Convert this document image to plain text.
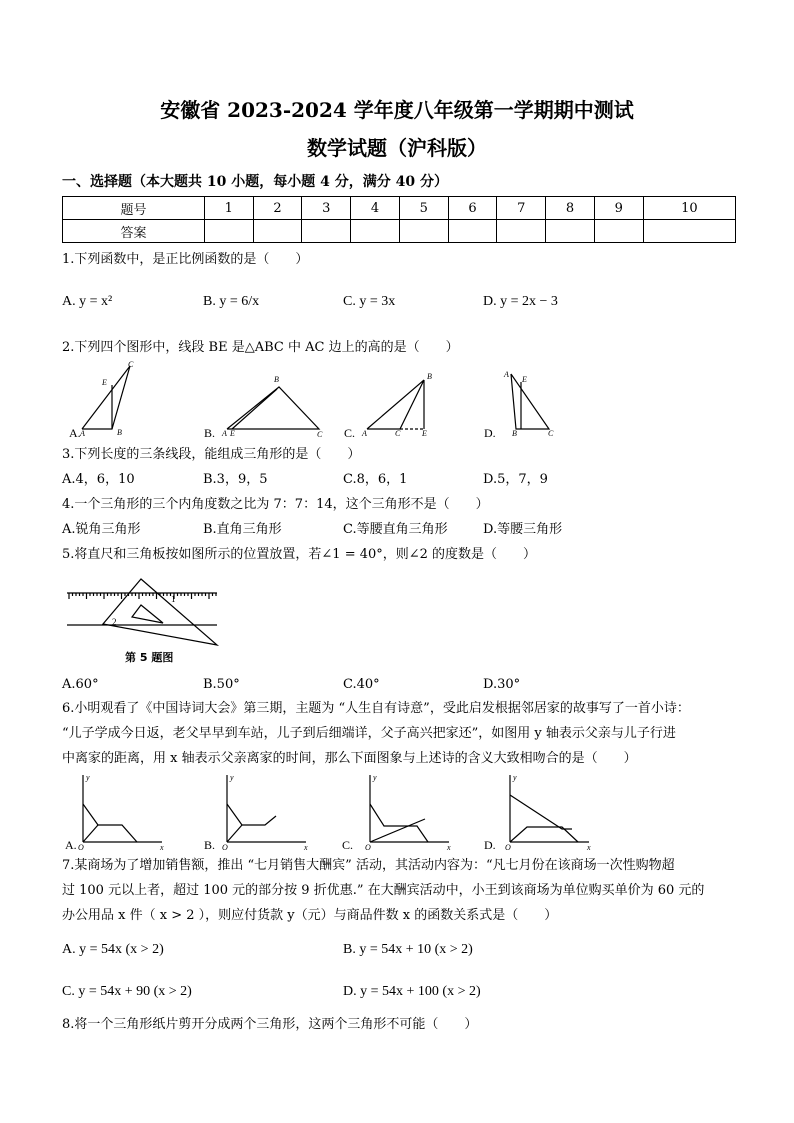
安徽省 2023-2024 学年度八年级第一学期期中测试
数学试题（沪科版）
一、选择题（本大题共 10 小题，每小题 4 分，满分 40 分）
题号	1	2	3	4	5	6	7	8	9	10
答案										
1.下列函数中，是正比例函数的是（　　）
A. y = x²	B. y = 6/x	C. y = 3x	D. y = 2x − 3
2.下列四个图形中，线段 BE 是△ABC 中 AC 边上的高的是（　　）
A. A	B
C
E
B. A E
B
C C. A	C	E
B
D.
A
E
B	C
3.下列长度的三条线段，能组成三角形的是（　　）
A.4，6，10	B.3，9，5	C.8，6，1	D.5，7，9
4.一个三角形的三个内角度数之比为 7：7：14，这个三角形不是（　　）
A.锐角三角形	B.直角三角形	C.等腰直角三角形	D.等腰三角形
5.将直尺和三角板按如图所示的位置放置，若∠1 = 40°，则∠2 的度数是（　　）
2
1
第 5 题图
A.60°	B.50°	C.40°	D.30°
6.小明观看了《中国诗词大会》第三期，主题为 “人生自有诗意”，受此启发根据邻居家的故事写了一首小诗：
“儿子学成今日返，老父早早到车站，儿子到后细端详，父子高兴把家还”，如图用 y 轴表示父亲与儿子行进
中离家的距离，用 x 轴表示父亲离家的时间，那么下面图象与上述诗的含义大致相吻合的是（　　）
A.
y
O	x	B.
y
O	x	C.
y
O	x	D.
y
O	x
7.某商场为了增加销售额，推出 “七月销售大酬宾” 活动，其活动内容为：“凡七月份在该商场一次性购物超
过 100 元以上者，超过 100 元的部分按 9 折优惠.” 在大酬宾活动中，小王到该商场为单位购买单价为 60 元的
办公用品 x 件（ x > 2 ），则应付货款 y（元）与商品件数 x 的函数关系式是（　　）
A. y = 54x (x > 2)	B. y = 54x + 10 (x > 2)
C. y = 54x + 90 (x > 2)	D. y = 54x + 100 (x > 2)
8.将一个三角形纸片剪开分成两个三角形，这两个三角形不可能（　　）
